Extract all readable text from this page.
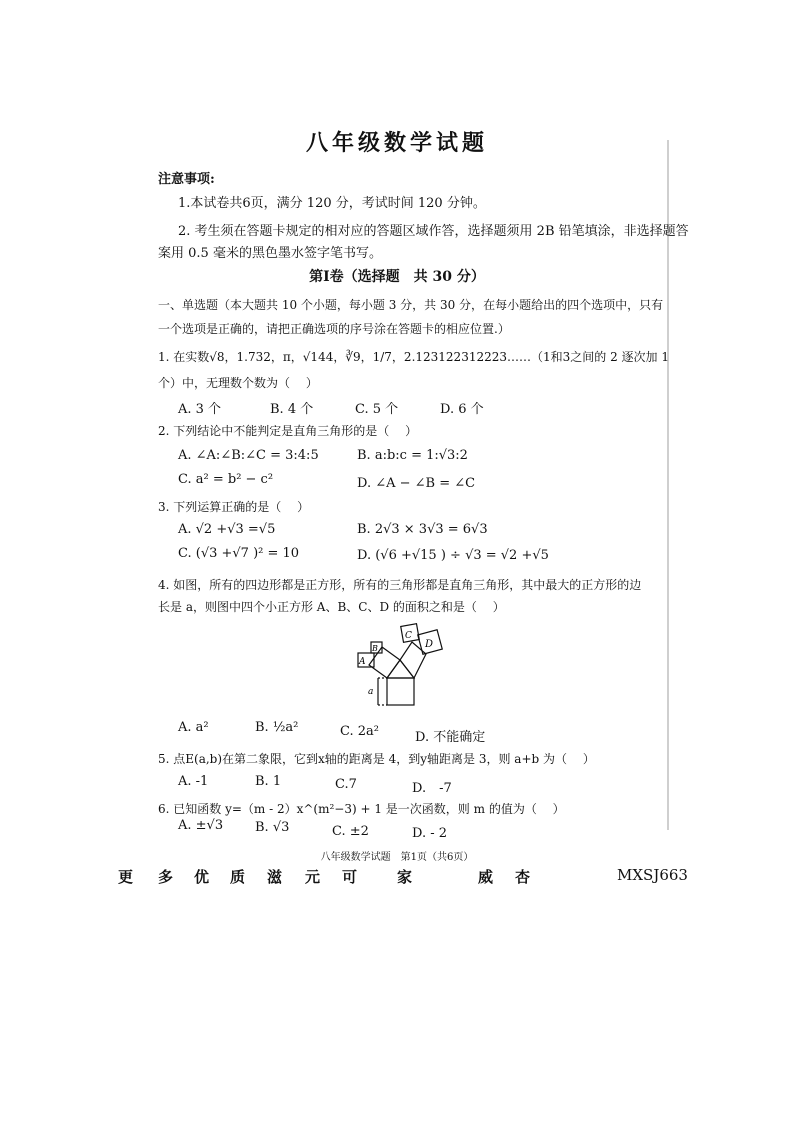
八年级数学试题
注意事项:
1.本试卷共6页，满分 120 分，考试时间 120 分钟。
2. 考生须在答题卡规定的相对应的答题区域作答，选择题须用 2B 铅笔填涂，非选择题答
案用 0.5 毫米的黑色墨水签字笔书写。
第Ⅰ卷（选择题　共 30 分）
一、单选题（本大题共 10 个小题，每小题 3 分，共 30 分，在每小题给出的四个选项中，只有
一个选项是正确的，请把正确选项的序号涂在答题卡的相应位置.）
1. 在实数√8，1.732，π，√144，∛9，1/7，2.123122312223……（1和3之间的 2 逐次加 1
个）中，无理数个数为（　 ）
A. 3 个	B. 4 个	C. 5 个	D. 6 个
2. 下列结论中不能判定是直角三角形的是（　 ）
A. ∠A:∠B:∠C = 3:4:5	B. a:b:c = 1:√3:2
C. a² = b² − c²	D. ∠A − ∠B = ∠C
3. 下列运算正确的是（　 ）
A. √2 +√3 =√5	B. 2√3 × 3√3 = 6√3
C. (√3 +√7 )² = 10	D. (√6 +√15 ) ÷ √3 = √2 +√5
4. 如图，所有的四边形都是正方形，所有的三角形都是直角三角形，其中最大的正方形的边
长是 a，则图中四个小正方形 A、B、C、D 的面积之和是（　 ）
A
B
C
D
a
A. a²	B. ½a²	C. 2a²	D. 不能确定
5. 点E(a,b)在第二象限，它到x轴的距离是 4，到y轴距离是 3，则 a+b 为（　 ）
A. -1	B. 1	C.7	D.　-7
6. 已知函数 y=（m - 2）x^(m²−3) + 1 是一次函数，则 m 的值为（　 ）
A. ±√3 B. √3	C. ±2	D. - 2
八年级数学试题　第1页（共6页）
更 多 优 质 滋 元 可	家	威 杏	MXSJ663
